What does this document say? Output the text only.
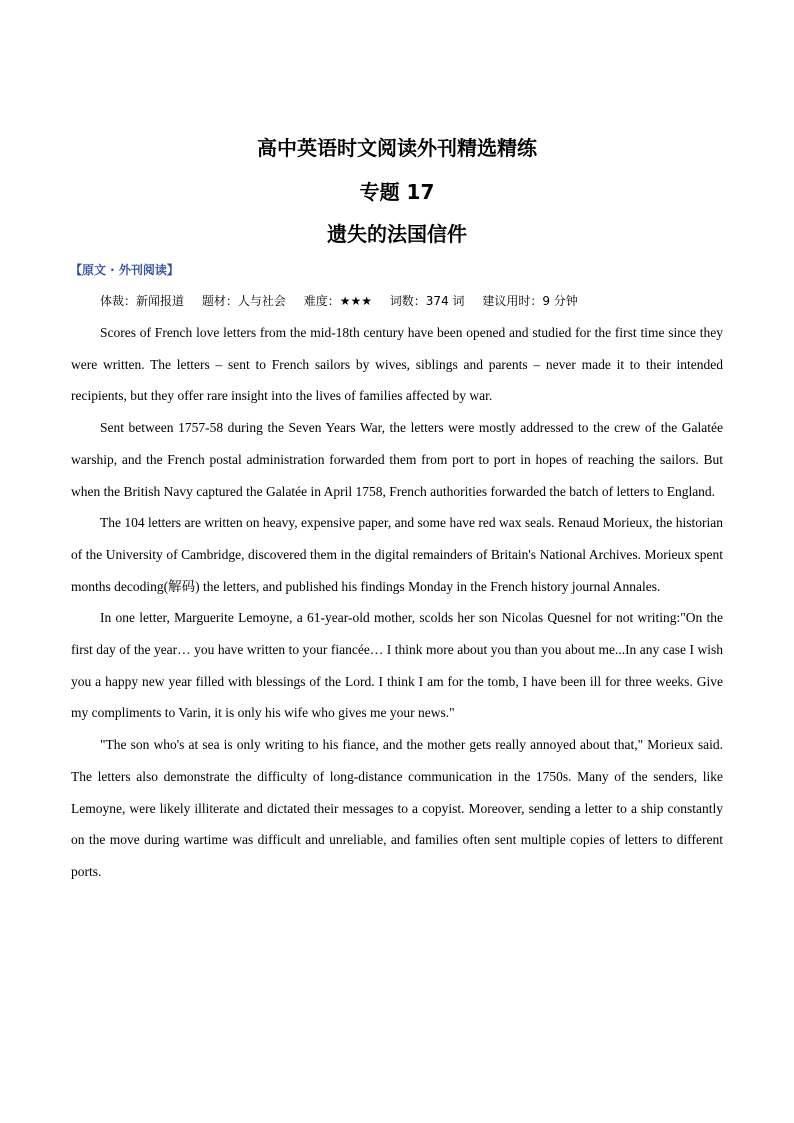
高中英语时文阅读外刊精选精练
专题 17
遗失的法国信件
【原文 · 外刊阅读】
体裁：新闻报道 题材：人与社会 难度：★★★ 词数：374 词 建议用时：9 分钟

Scores of French love letters from the mid-18th century have been opened and studied for the first time since they were written. The letters – sent to French sailors by wives, siblings and parents – never made it to their intended recipients, but they offer rare insight into the lives of families affected by war.

Sent between 1757-58 during the Seven Years War, the letters were mostly addressed to the crew of the Galatée warship, and the French postal administration forwarded them from port to port in hopes of reaching the sailors. But when the British Navy captured the Galatée in April 1758, French authorities forwarded the batch of letters to England.

The 104 letters are written on heavy, expensive paper, and some have red wax seals. Renaud Morieux, the historian of the University of Cambridge, discovered them in the digital remainders of Britain's National Archives. Morieux spent months decoding(解码) the letters, and published his findings Monday in the French history journal Annales.

In one letter, Marguerite Lemoyne, a 61-year-old mother, scolds her son Nicolas Quesnel for not writing:"On the first day of the year… you have written to your fiancée… I think more about you than you about me...In any case I wish you a happy new year filled with blessings of the Lord. I think I am for the tomb, I have been ill for three weeks. Give my compliments to Varin, it is only his wife who gives me your news."

"The son who's at sea is only writing to his fiance, and the mother gets really annoyed about that," Morieux said. The letters also demonstrate the difficulty of long-distance communication in the 1750s. Many of the senders, like Lemoyne, were likely illiterate and dictated their messages to a copyist. Moreover, sending a letter to a ship constantly on the move during wartime was difficult and unreliable, and families often sent multiple copies of letters to different ports.
